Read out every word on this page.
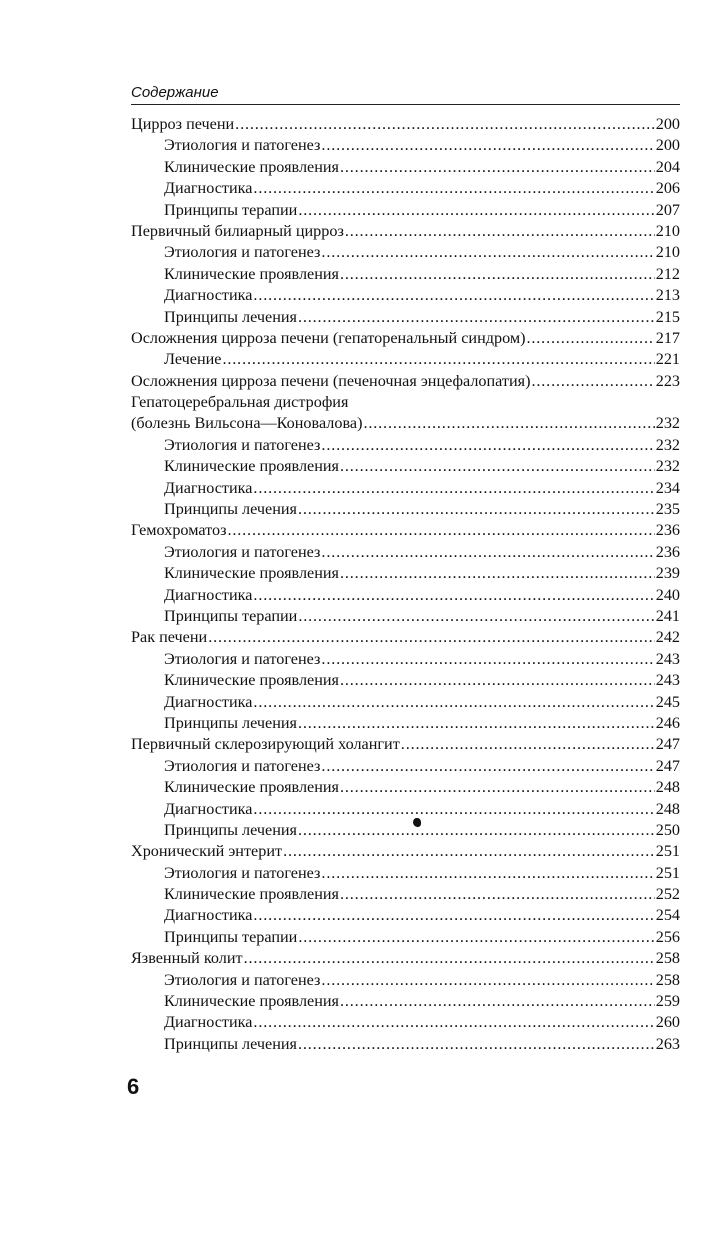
Содержание
Цирроз печени . . .	200
Этиология и патогенез . . .	200
Клинические проявления . . .	204
Диагностика . . .	206
Принципы терапии . . .	207
Первичный билиарный цирроз . . .	210
Этиология и патогенез . . .	210
Клинические проявления . . .	212
Диагностика . . .	213
Принципы лечения . . .	215
Осложнения цирроза печени (гепаторенальный синдром) . . .	217
Лечение . . .	221
Осложнения цирроза печени (печеночная энцефалопатия) . . .	223
Гепатоцеребральная дистрофия
(болезнь Вильсона—Коновалова) . . .	232
Этиология и патогенез . . .	232
Клинические проявления . . .	232
Диагностика . . .	234
Принципы лечения . . .	235
Гемохроматоз . . .	236
Этиология и патогенез . . .	236
Клинические проявления . . .	239
Диагностика . . .	240
Принципы терапии . . .	241
Рак печени . . .	242
Этиология и патогенез . . .	243
Клинические проявления . . .	243
Диагностика . . .	245
Принципы лечения . . .	246
Первичный склерозирующий холангит . . .	247
Этиология и патогенез . . .	247
Клинические проявления . . .	248
Диагностика . . .	248
Принципы лечения . . .	250
Хронический энтерит . . .	251
Этиология и патогенез . . .	251
Клинические проявления . . .	252
Диагностика . . .	254
Принципы терапии . . .	256
Язвенный колит . . .	258
Этиология и патогенез . . .	258
Клинические проявления . . .	259
Диагностика . . .	260
Принципы лечения . . .	263
6
